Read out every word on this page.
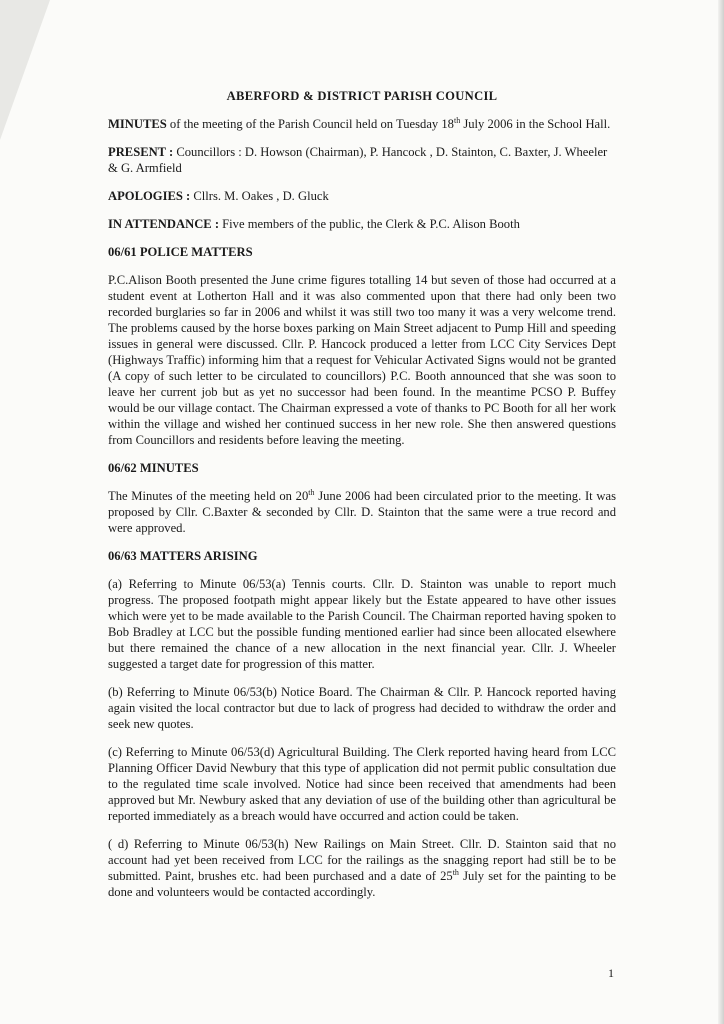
ABERFORD & DISTRICT PARISH COUNCIL

MINUTES of the meeting of the Parish Council held on Tuesday 18th July 2006 in the School Hall.

PRESENT : Councillors : D. Howson (Chairman), P. Hancock , D. Stainton, C. Baxter, J. Wheeler & G. Armfield

APOLOGIES : Cllrs. M. Oakes , D. Gluck

IN ATTENDANCE : Five members of the public, the Clerk & P.C. Alison Booth

06/61 POLICE MATTERS

P.C.Alison Booth presented the June crime figures totalling 14 but seven of those had occurred at a student event at Lotherton Hall and it was also commented upon that there had only been two recorded burglaries so far in 2006 and whilst it was still two too many it was a very welcome trend. The problems caused by the horse boxes parking on Main Street adjacent to Pump Hill and speeding issues in general were discussed. Cllr. P. Hancock produced a letter from LCC City Services Dept (Highways Traffic) informing him that a request for Vehicular Activated Signs would not be granted (A copy of such letter to be circulated to councillors) P.C. Booth announced that she was soon to leave her current job but as yet no successor had been found. In the meantime PCSO P. Buffey would be our village contact. The Chairman expressed a vote of thanks to PC Booth for all her work within the village and wished her continued success in her new role. She then answered questions from Councillors and residents before leaving the meeting.

06/62 MINUTES

The Minutes of the meeting held on 20th June 2006 had been circulated prior to the meeting. It was proposed by Cllr. C.Baxter & seconded by Cllr. D. Stainton that the same were a true record and were approved.

06/63 MATTERS ARISING

(a) Referring to Minute 06/53(a) Tennis courts. Cllr. D. Stainton was unable to report much progress. The proposed footpath might appear likely but the Estate appeared to have other issues which were yet to be made available to the Parish Council. The Chairman reported having spoken to Bob Bradley at LCC but the possible funding mentioned earlier had since been allocated elsewhere but there remained the chance of a new allocation in the next financial year. Cllr. J. Wheeler suggested a target date for progression of this matter.

(b) Referring to Minute 06/53(b) Notice Board. The Chairman & Cllr. P. Hancock reported having again visited the local contractor but due to lack of progress had decided to withdraw the order and seek new quotes.

(c) Referring to Minute 06/53(d) Agricultural Building. The Clerk reported having heard from LCC Planning Officer David Newbury that this type of application did not permit public consultation due to the regulated time scale involved. Notice had since been received that amendments had been approved but Mr. Newbury asked that any deviation of use of the building other than agricultural be reported immediately as a breach would have occurred and action could be taken.

( d) Referring to Minute 06/53(h) New Railings on Main Street. Cllr. D. Stainton said that no account had yet been received from LCC for the railings as the snagging report had still be to be submitted. Paint, brushes etc. had been purchased and a date of 25th July set for the painting to be done and volunteers would be contacted accordingly.

1
